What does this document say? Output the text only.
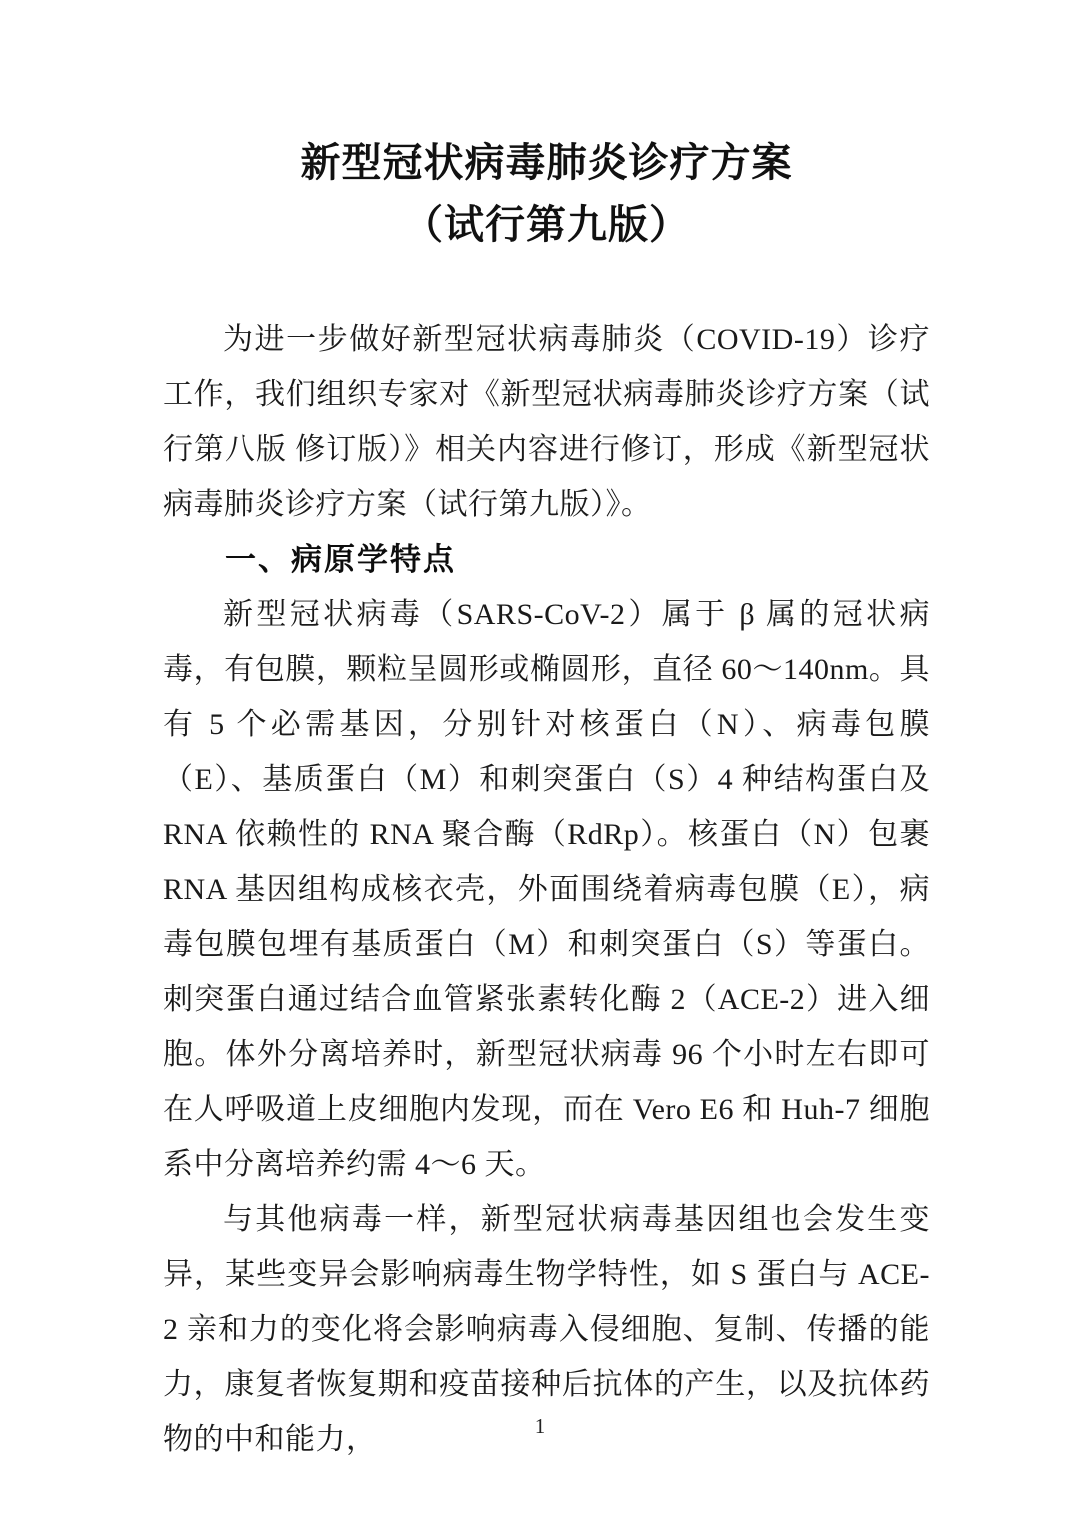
新型冠状病毒肺炎诊疗方案
（试行第九版）

为进一步做好新型冠状病毒肺炎（COVID-19）诊疗工作，我们组织专家对《新型冠状病毒肺炎诊疗方案（试行第八版 修订版）》相关内容进行修订，形成《新型冠状病毒肺炎诊疗方案（试行第九版）》。

一、病原学特点

新型冠状病毒（SARS-CoV-2）属于 β 属的冠状病毒，有包膜，颗粒呈圆形或椭圆形，直径 60～140nm。具有 5 个必需基因，分别针对核蛋白（N）、病毒包膜（E）、基质蛋白（M）和刺突蛋白（S）4 种结构蛋白及 RNA 依赖性的 RNA 聚合酶（RdRp）。核蛋白（N）包裹 RNA 基因组构成核衣壳，外面围绕着病毒包膜（E），病毒包膜包埋有基质蛋白（M）和刺突蛋白（S）等蛋白。刺突蛋白通过结合血管紧张素转化酶 2（ACE-2）进入细胞。体外分离培养时，新型冠状病毒 96 个小时左右即可在人呼吸道上皮细胞内发现，而在 Vero E6 和 Huh-7 细胞系中分离培养约需 4～6 天。

与其他病毒一样，新型冠状病毒基因组也会发生变异，某些变异会影响病毒生物学特性，如 S 蛋白与 ACE-2 亲和力的变化将会影响病毒入侵细胞、复制、传播的能力，康复者恢复期和疫苗接种后抗体的产生，以及抗体药物的中和能力，	1
